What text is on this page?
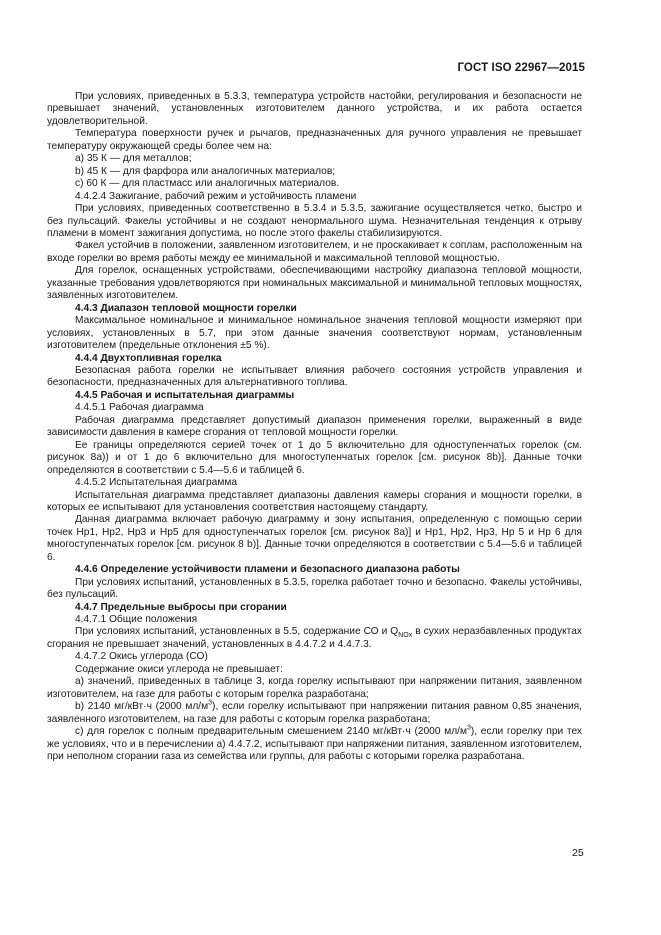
ГОСТ ISO 22967—2015

При условиях, приведенных в 5.3.3, температура устройств настойки, регулирования и безопасности не превышает значений, установленных изготовителем данного устройства, и их работа остается удовлетворительной.

Температура поверхности ручек и рычагов, предназначенных для ручного управления не превышает температуру окружающей среды более чем на:

a) 35 К — для металлов;

b) 45 К — для фарфора или аналогичных материалов;

c) 60 К — для пластмасс или аналогичных материалов.

4.4.2.4 Зажигание, рабочий режим и устойчивость пламени

При условиях, приведенных соответственно в 5.3.4 и 5.3.5, зажигание осуществляется четко, быстро и без пульсаций. Факелы устойчивы и не создают ненормального шума. Незначительная тенденция к отрыву пламени в момент зажигания допустима, но после этого факелы стабилизируются.

Факел устойчив в положении, заявленном изготовителем, и не проскакивает к соплам, расположенным на входе горелки во время работы между ее минимальной и максимальной тепловой мощностью.

Для горелок, оснащенных устройствами, обеспечивающими настройку диапазона тепловой мощности, указанные требования удовлетворяются при номинальных максимальной и минимальной тепловых мощностях, заявленных изготовителем.

4.4.3 Диапазон тепловой мощности горелки

Максимальное номинальное и минимальное номинальное значения тепловой мощности измеряют при условиях, установленных в 5.7, при этом данные значения соответствуют нормам, установленным изготовителем (предельные отклонения ±5 %).

4.4.4 Двухтопливная горелка

Безопасная работа горелки не испытывает влияния рабочего состояния устройств управления и безопасности, предназначенных для альтернативного топлива.

4.4.5 Рабочая и испытательная диаграммы

4.4.5.1 Рабочая диаграмма

Рабочая диаграмма представляет допустимый диапазон применения горелки, выраженный в виде зависимости давления в камере сгорания от тепловой мощности горелки.

Ее границы определяются серией точек от 1 до 5 включительно для одноступенчатых горелок (см. рисунок 8a)) и от 1 до 6 включительно для многоступенчатых горелок [см. рисунок 8b)]. Данные точки определяются в соответствии с 5.4—5.6 и таблицей 6.

4.4.5.2 Испытательная диаграмма

Испытательная диаграмма представляет диапазоны давления камеры сгорания и мощности горелки, в которых ее испытывают для установления соответствия настоящему стандарту.

Данная диаграмма включает рабочую диаграмму и зону испытания, определенную с помощью серии точек Hp1, Hp2, Hp3 и Hp5 для одноступенчатых горелок [см. рисунок 8a)] и Hp1, Hp2, Hp3, Hp 5 и Hp 6 для многоступенчатых горелок [см. рисунок 8 b)]. Данные точки определяются в соответствии с 5.4—5.6 и таблицей 6.

4.4.6 Определение устойчивости пламени и безопасного диапазона работы

При условиях испытаний, установленных в 5.3.5, горелка работает точно и безопасно. Факелы устойчивы, без пульсаций.

4.4.7 Предельные выбросы при сгорании

4.4.7.1 Общие положения

При условиях испытаний, установленных в 5.5, содержание СО и $Q_{NOx}$ в сухих неразбавленных продуктах сгорания не превышает значений, установленных в 4.4.7.2 и 4.4.7.3.

4.4.7.2 Окись углерода (СО)

Содержание окиси углерода не превышает:

a) значений, приведенных в таблице 3, когда горелку испытывают при напряжении питания, заявленном изготовителем, на газе для работы с которым горелка разработана;

b) 2140 мг/кВт·ч (2000 $мл/м^3$), если горелку испытывают при напряжении питания равном 0,85 значения, заявленного изготовителем, на газе для работы с которым горелка разработана;

c) для горелок с полным предварительным смешением 2140 мг/кВт·ч (2000 $мл/м^3$), если горелку при тех же условиях, что и в перечислении a) 4.4.7.2, испытывают при напряжении питания, заявленном изготовителем, при неполном сгорании газа из семейства или группы, для работы с которыми горелка разработана.

25
